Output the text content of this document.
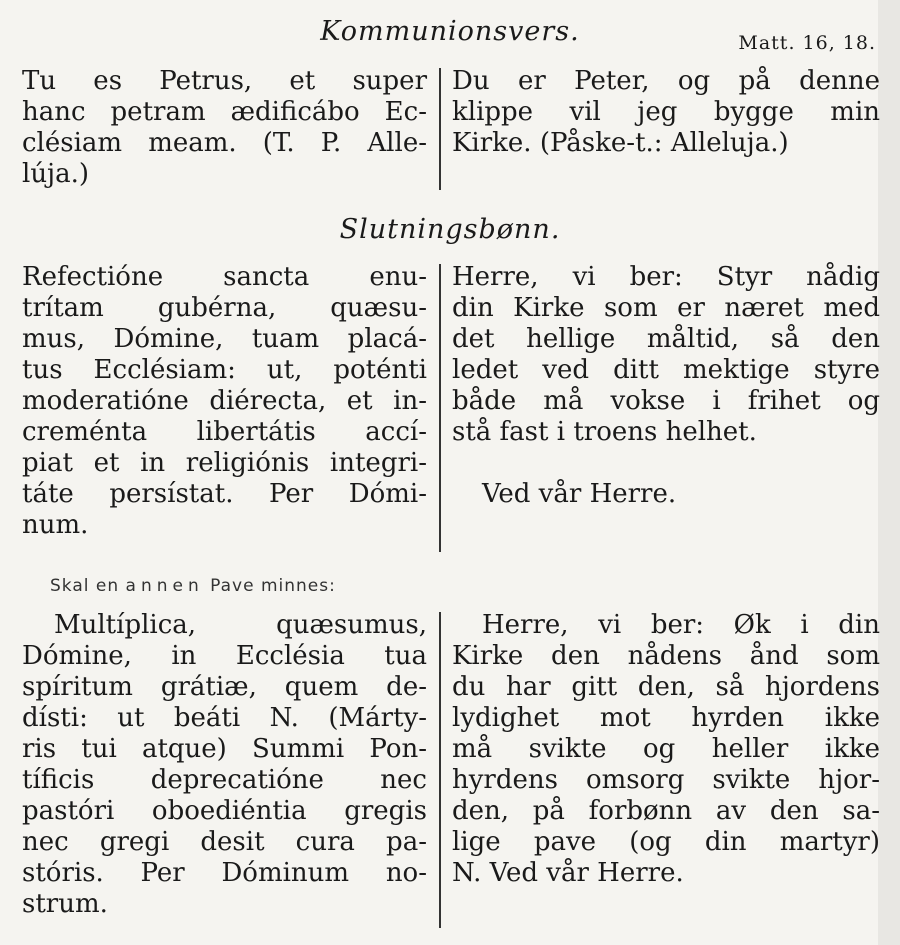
Kommunionsvers.	Matt. 16, 18.
Tu es Petrus, et super
hanc petram ædificábo Ec-
clésiam meam. (T. P. Alle-
lúja.)
Du er Peter, og på denne
klippe vil jeg bygge min
Kirke. (Påske-t.: Alleluja.)
Slutningsbønn.
Refectióne sancta enu-
trítam gubérna, quæsu-
mus, Dómine, tuam placá-
tus Ecclésiam: ut, poténti
moderatióne diérecta, et in-
creménta libertátis accí-
piat et in religiónis integri-
táte persístat. Per Dómi-
num.
Herre, vi ber: Styr nådig
din Kirke som er næret med
det hellige måltid, så den
ledet ved ditt mektige styre
både må vokse i frihet og
stå fast i troens helhet.
Ved vår Herre.
Skal en annen Pave minnes:
Multíplica, quæsumus,
Dómine, in Ecclésia tua
spíritum grátiæ, quem de-
dísti: ut beáti N. (Márty-
ris tui atque) Summi Pon-
tíficis deprecatióne nec
pastóri oboediéntia gregis
nec gregi desit cura pa-
stóris. Per Dóminum no-
strum.
Herre, vi ber: Øk i din
Kirke den nådens ånd som
du har gitt den, så hjordens
lydighet mot hyrden ikke
må svikte og heller ikke
hyrdens omsorg svikte hjor-
den, på forbønn av den sa-
lige pave (og din martyr)
N. Ved vår Herre.
